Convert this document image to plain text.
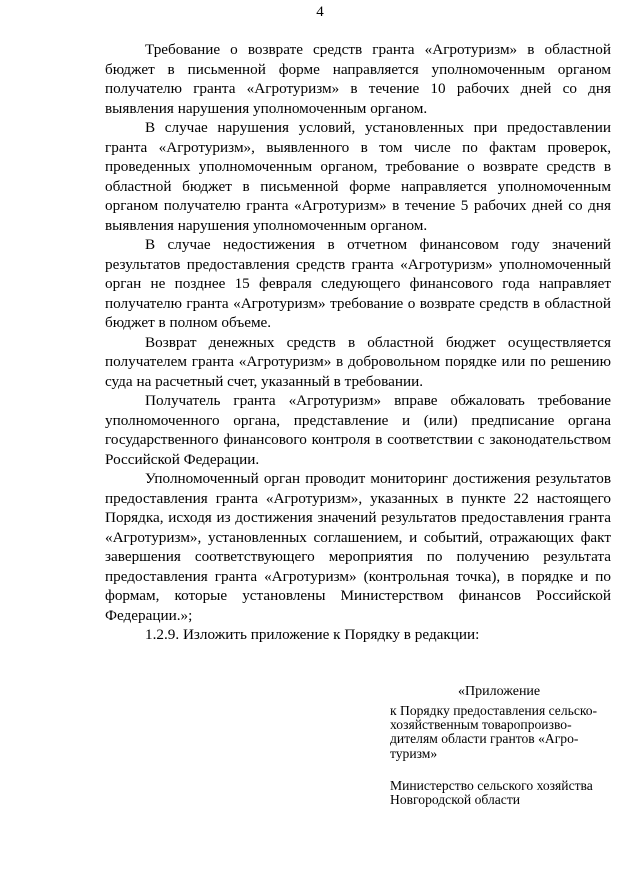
4

Требование о возврате средств гранта «Агротуризм» в областной бюджет в письменной форме направляется уполномоченным органом получателю гранта «Агротуризм» в течение 10 рабочих дней со дня выявления нарушения уполномоченным органом.

В случае нарушения условий, установленных при предоставлении гранта «Агротуризм», выявленного в том числе по фактам проверок, проведенных уполномоченным органом, требование о возврате средств в областной бюджет в письменной форме направляется уполномоченным органом получателю гранта «Агротуризм» в течение 5 рабочих дней со дня выявления нарушения уполномоченным органом.

В случае недостижения в отчетном финансовом году значений результатов предоставления средств гранта «Агротуризм» уполномоченный орган не позднее 15 февраля следующего финансового года направляет получателю гранта «Агротуризм» требование о возврате средств в областной бюджет в полном объеме.

Возврат денежных средств в областной бюджет осуществляется получателем гранта «Агротуризм» в добровольном порядке или по решению суда на расчетный счет, указанный в требовании.

Получатель гранта «Агротуризм» вправе обжаловать требование уполномоченного органа, представление и (или) предписание органа государственного финансового контроля в соответствии с законодательством Российской Федерации.

Уполномоченный орган проводит мониторинг достижения результатов предоставления гранта «Агротуризм», указанных в пункте 22 настоящего Порядка, исходя из достижения значений результатов предоставления гранта «Агротуризм», установленных соглашением, и событий, отражающих факт завершения соответствующего мероприятия по получению результата предоставления гранта «Агротуризм» (контрольная точка), в порядке и по формам, которые установлены Министерством финансов Российской Федерации.»;

1.2.9. Изложить приложение к Порядку в редакции:

«Приложение
к Порядку предоставления сельско-хозяйственным товаропроизво-дителям области грантов «Агро-туризм»
Министерство сельского хозяйства Новгородской области
